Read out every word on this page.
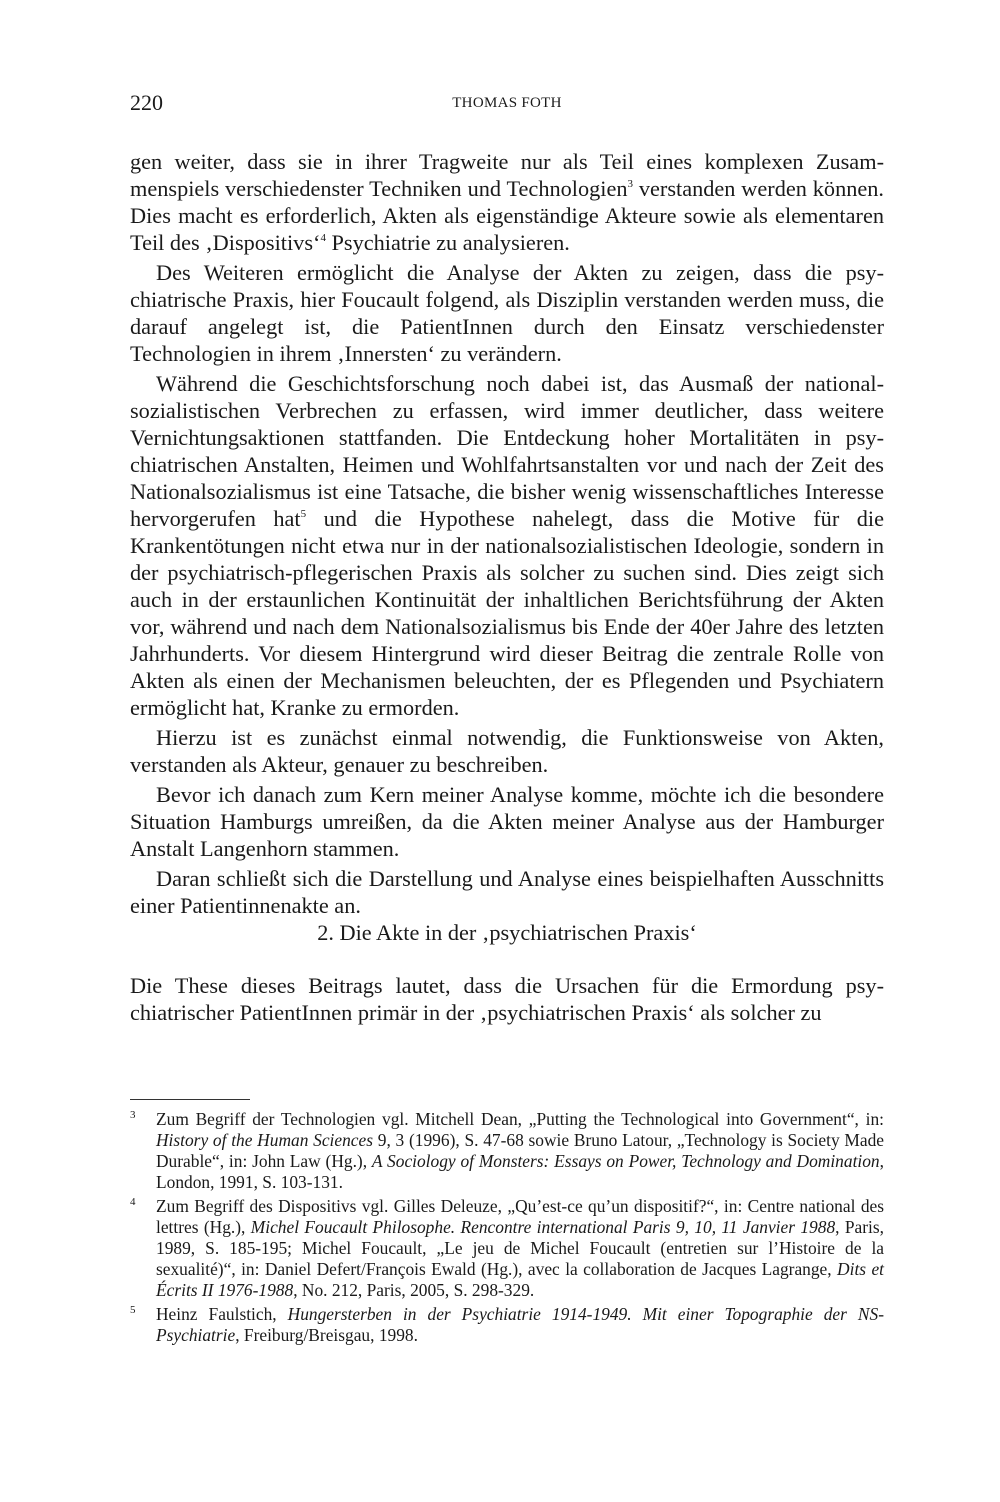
220	THOMAS FOTH

gen weiter, dass sie in ihrer Tragweite nur als Teil eines komplexen Zusammenspiels verschiedenster Techniken und Technologien$^3$ verstanden werden können. Dies macht es erforderlich, Akten als eigenständige Akteure sowie als elementaren Teil des ‚Dispositivs‘$^4$ Psychiatrie zu analysieren.

Des Weiteren ermöglicht die Analyse der Akten zu zeigen, dass die psychiatrische Praxis, hier Foucault folgend, als Disziplin verstanden werden muss, die darauf angelegt ist, die PatientInnen durch den Einsatz verschiedenster Technologien in ihrem ‚Innersten‘ zu verändern.

Während die Geschichtsforschung noch dabei ist, das Ausmaß der nationalsozialistischen Verbrechen zu erfassen, wird immer deutlicher, dass weitere Vernichtungsaktionen stattfanden. Die Entdeckung hoher Mortalitäten in psychiatrischen Anstalten, Heimen und Wohlfahrtsanstalten vor und nach der Zeit des Nationalsozialismus ist eine Tatsache, die bisher wenig wissenschaftliches Interesse hervorgerufen hat$^5$ und die Hypothese nahelegt, dass die Motive für die Krankentötungen nicht etwa nur in der nationalsozialistischen Ideologie, sondern in der psychiatrisch-pflegerischen Praxis als solcher zu suchen sind. Dies zeigt sich auch in der erstaunlichen Kontinuität der inhaltlichen Berichtsführung der Akten vor, während und nach dem Nationalsozialismus bis Ende der 40er Jahre des letzten Jahrhunderts. Vor diesem Hintergrund wird dieser Beitrag die zentrale Rolle von Akten als einen der Mechanismen beleuchten, der es Pflegenden und Psychiatern ermöglicht hat, Kranke zu ermorden.

Hierzu ist es zunächst einmal notwendig, die Funktionsweise von Akten, verstanden als Akteur, genauer zu beschreiben.

Bevor ich danach zum Kern meiner Analyse komme, möchte ich die besondere Situation Hamburgs umreißen, da die Akten meiner Analyse aus der Hamburger Anstalt Langenhorn stammen.

Daran schließt sich die Darstellung und Analyse eines beispielhaften Ausschnitts einer Patientinnenakte an.

2. Die Akte in der ‚psychiatrischen Praxis‘

Die These dieses Beitrags lautet, dass die Ursachen für die Ermordung psychiatrischer PatientInnen primär in der ‚psychiatrischen Praxis‘ als solcher zu

3 Zum Begriff der Technologien vgl. Mitchell Dean, „Putting the Technological into Government“, in: History of the Human Sciences 9, 3 (1996), S. 47-68 sowie Bruno Latour, „Technology is Society Made Durable“, in: John Law (Hg.), A Sociology of Monsters: Essays on Power, Technology and Domination, London, 1991, S. 103-131.

4 Zum Begriff des Dispositivs vgl. Gilles Deleuze, „Qu’est-ce qu’un dispositif?“, in: Centre national des lettres (Hg.), Michel Foucault Philosophe. Rencontre international Paris 9, 10, 11 Janvier 1988, Paris, 1989, S. 185-195; Michel Foucault, „Le jeu de Michel Foucault (entretien sur l’Histoire de la sexualité)“, in: Daniel Defert/François Ewald (Hg.), avec la collaboration de Jacques Lagrange, Dits et Écrits II 1976-1988, No. 212, Paris, 2005, S. 298-329.

5 Heinz Faulstich, Hungersterben in der Psychiatrie 1914-1949. Mit einer Topographie der NS-Psychiatrie, Freiburg/Breisgau, 1998.
